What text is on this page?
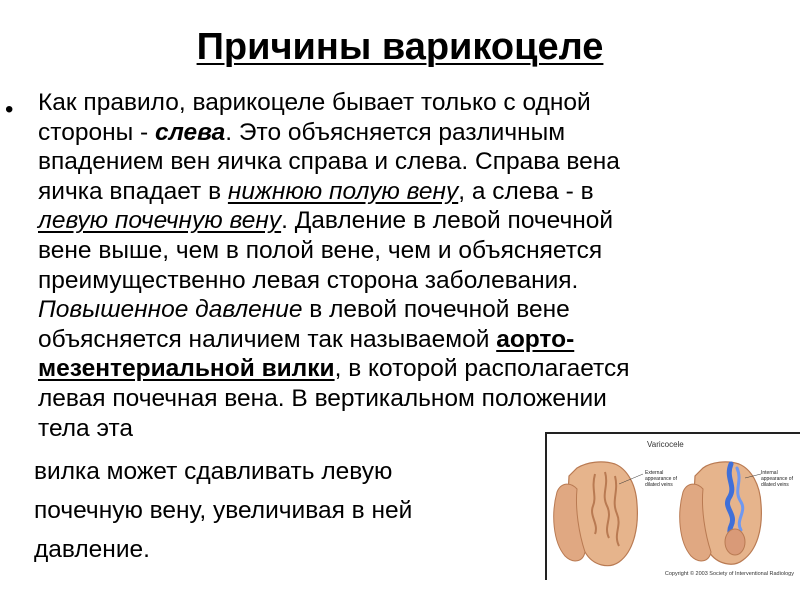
Причины варикоцеле
• Как правило, варикоцеле бывает только с одной
стороны - слева. Это объясняется различным
впадением вен яичка справа и слева. Справа вена
яичка впадает в нижнюю полую вену, а слева - в
левую почечную вену. Давление в левой почечной
вене выше, чем в полой вене, чем и объясняется
преимущественно левая сторона заболевания.
Повышенное давление в левой почечной вене
объясняется наличием так называемой аорто-
мезентериальной вилки, в которой располагается
левая почечная вена. В вертикальном положении
тела эта
вилка может сдавливать левую
почечную вену, увеличивая в ней
давление.
Varicocele
External appearance of dilated veins
Internal appearance of dilated veins
Copyright © 2003 Society of Interventional Radiology
